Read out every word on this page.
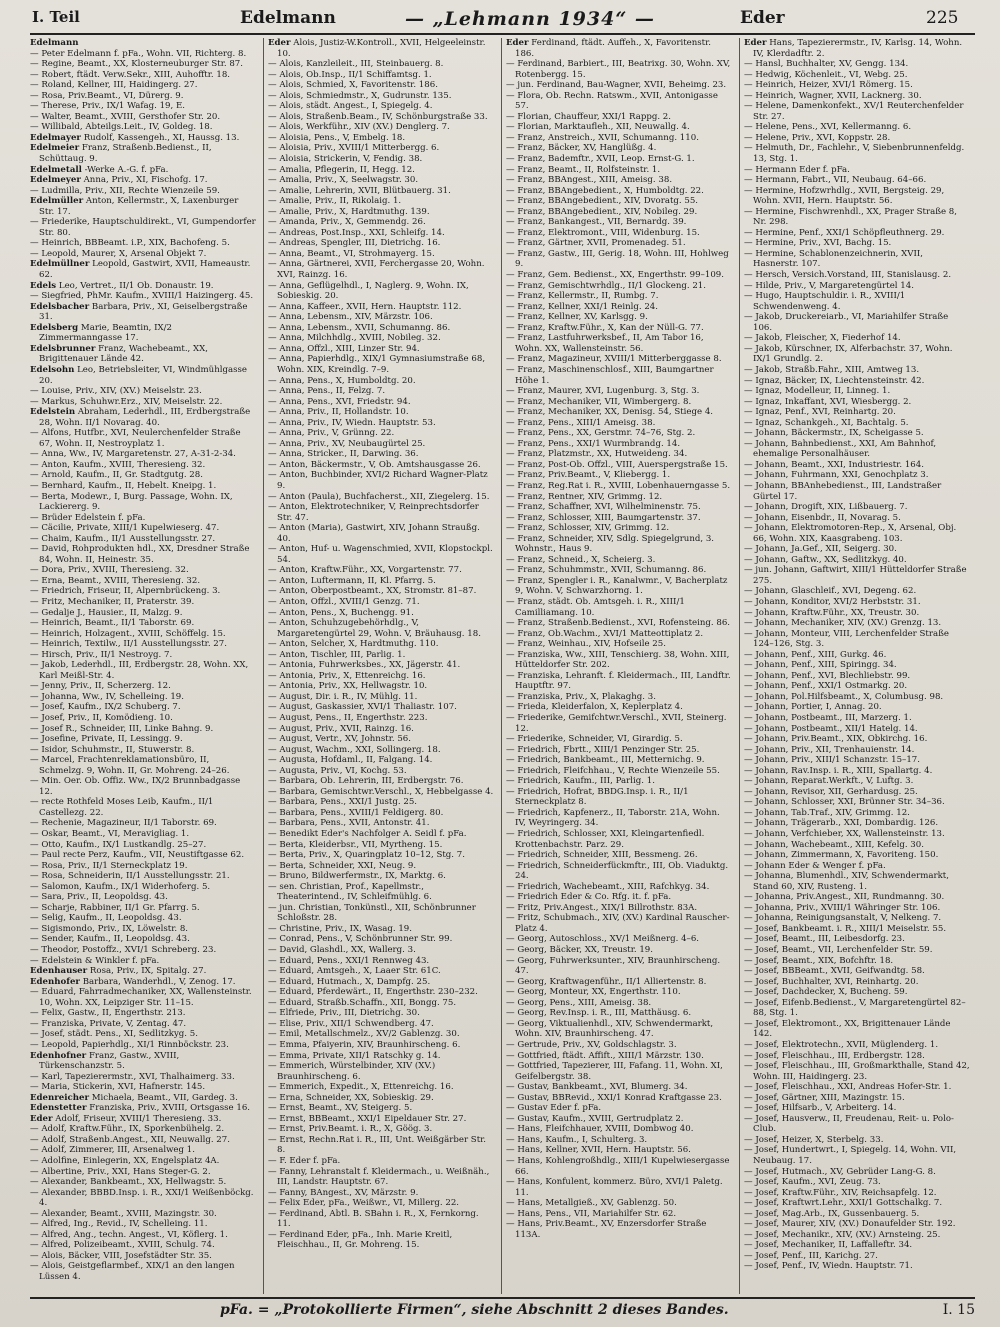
I. Teil	Edelmann	— „Lehmann 1934“ —	Eder	225
Edelmann
— Peter Edelmann f. pFa., Wohn. VII, Richterg. 8.
— Regine, Beamt., XX, Klosterneuburger Str. 87.
— Robert, ftädt. Verw.Sekr., XIII, Auhofftr. 18.
— Roland, Kellner, III, Haidingerg. 27.
— Rosa, Priv.Beamt., VI, Dürerg. 9.
— Therese, Priv., IX/1 Wafag. 19, E.
— Walter, Beamt., XVIII, Gersthofer Str. 20.
— Willibald, Abteilgs.Leit., IV, Goldeg. 18.
Edelmayer Rudolf, Kassengeh., XI, Haussg. 13.
Edelmeier Franz, Straßenb.Bedienst., II, Schüttaug. 9.
Edelmetall -Werke A.-G. f. pFa.
Edelmeyer Anna, Priv., XI, Fischofg. 17.
— Ludmilla, Priv., XII, Rechte Wienzeile 59.
Edelmüller Anton, Kellermstr., X, Laxenburger Str. 17.
— Friederike, Hauptschuldirekt., VI, Gumpendorfer Str. 80.
— Heinrich, BBBeamt. i.P., XIX, Bachofeng. 5.
— Leopold, Maurer, X, Arsenal Objekt 7.
Edelmüllner Leopold, Gastwirt, XVII, Hameaustr. 62.
Edels Leo, Vertret., II/1 Ob. Donaustr. 19.
— Siegfried, PhMr. Kaufm., XVIII/1 Haizingerg. 45.
Edelsbacher Barbara, Priv., XI, Geiselbergstraße 31.
Edelsberg Marie, Beamtin, IX/2 Zimmermanngasse 17.
Edelsbrunner Franz, Wachebeamt., XX, Brigittenauer Lände 42.
Edelsohn Leo, Betriebsleiter, VI, Windmühlgasse 20.
— Louise, Priv., XIV, (XV.) Meiselstr. 23.
— Markus, Schuhwr.Erz., XIV, Meiselstr. 22.
Edelstein Abraham, Lederhdl., III, Erdbergstraße 28, Wohn. II/1 Novarag. 40.
— Alfons, Hutfbr., XVI, Neulerchenfelder Straße 67, Wohn. II, Nestroyplatz 1.
— Anna, Ww., IV, Margaretenstr. 27, A-31-2-34.
— Anton, Kaufm., XVIII, Theresieng. 32.
— Arnold, Kaufm., II, Gr. Stadtgutg. 28.
— Bernhard, Kaufm., II, Hebelt. Kneipg. 1.
— Berta, Modewr., I, Burg. Passage, Wohn. IX, Lackiererg. 9.
— Brüder Edelstein f. pFa.
— Cäcilie, Private, XIII/1 Kupelwieserg. 47.
— Chaim, Kaufm., II/1 Ausstellungsstr. 27.
— David, Rohprodukten hdl., XX, Dresdner Straße 84, Wohn. II, Heinestr. 35.
— Dora, Priv., XVIII, Theresieng. 32.
— Erna, Beamt., XVIII, Theresieng. 32.
— Friedrich, Friseur, II, Alpernbrückeng. 3.
— Fritz, Mechaniker, II, Praterstr. 39.
— Gedalje J., Hausier., II, Malzg. 9.
— Heinrich, Beamt., II/1 Taborstr. 69.
— Heinrich, Holzagent., XVIII, Schöffelg. 15.
— Heinrich, Textilw., II/1 Ausstellungsstr. 27.
— Hirsch, Priv., II/1 Nestroyg. 7.
— Jakob, Lederhdl., III, Erdbergstr. 28, Wohn. XX, Karl Meißl-Str. 4.
— Jenny, Priv., II, Scherzerg. 12.
— Johanna, Ww., IV, Schelleing. 19.
— Josef, Kaufm., IX/2 Schuberg. 7.
— Josef, Priv., II, Komödieng. 10.
— Josef R., Schneider, III, Linke Bahng. 9.
— Josefine, Private, II, Lessingg. 9.
— Isidor, Schuhmstr., II, Stuwerstr. 8.
— Marcel, Frachtenreklamationsbüro, II, Schmelzg. 9, Wohn. II, Gr. Mohreng. 24–26.
— Min. Oer. Ob. Offiz. Ww., IX/2 Brunnbadgasse 12.
— recte Rothfeld Moses Leib, Kaufm., II/1 Castellezg. 22.
— Rechenie, Magazineur, II/1 Taborstr. 69.
— Oskar, Beamt., VI, Meravigliag. 1.
— Otto, Kaufm., IX/1 Lustkandlg. 25–27.
— Paul recte Perz, Kaufm., VII, Neustiftgasse 62.
— Rosa, Priv., II/1 Sterneckplatz 19.
— Rosa, Schneiderin, II/1 Ausstellungsstr. 21.
— Salomon, Kaufm., IX/1 Widerhoferg. 5.
— Sara, Priv., II, Leopoldsg. 43.
— Scharje, Rabbiner, II/1 Gr. Pfarrg. 5.
— Selig, Kaufm., II, Leopoldsg. 43.
— Sigismondo, Priv., IX, Löwelstr. 8.
— Sender, Kaufm., II, Leopoldsg. 43.
— Theodor, Postoffz., XVI/1 Schreberg. 23.
— Edelstein & Winkler f. pFa.
Edenhauser Rosa, Priv., IX, Spitalg. 27.
Edenhofer Barbara, Wanderhdl., V, Zenog. 17.
— Eduard, Fahrradmechaniker, XX, Wallensteinstr. 10, Wohn. XX, Leipziger Str. 11–15.
— Felix, Gastw., II, Engerthstr. 213.
— Franziska, Private, V, Zentag. 47.
— Josef, städt. Pens., XI, Sedlitzkyg. 5.
— Leopold, Papierhdlg., XI/1 Rinnböckstr. 23.
Edenhofner Franz, Gastw., XVIII, Türkenschanzstr. 5.
— Karl, Tapezierermstr., XVI, Thalhaimerg. 33.
— Maria, Stickerin, XVI, Hafnerstr. 145.
Edenreicher Michaela, Beamt., VII, Gardeg. 3.
Edenstetter Franziska, Priv., XVIII, Ortsgasse 16.
Eder Adolf, Friseur, XVIII/1 Theresieng. 33.
— Adolf, Kraftw.Führ., IX, Sporkenbühelg. 2.
— Adolf, Straßenb.Angest., XII, Neuwallg. 27.
— Adolf, Zimmerer, III, Arsenalweg 1.
— Adolfine, Einlegerin, XX, Engelsplatz 4A.
— Albertine, Priv., XXI, Hans Steger-G. 2.
— Alexander, Bankbeamt., XX, Hellwagstr. 5.
— Alexander, BBBD.Insp. i. R., XXI/1 Weißenböckg. 4.
— Alexander, Beamt., XVIII, Mazingstr. 30.
— Alfred, Ing., Revid., IV, Schelleing. 11.
— Alfred, Ang., techn. Angest., VI, Köflerg. 1.
— Alfred, Polizeibeamt., XVIII, Schulg. 74.
— Alois, Bäcker, VIII, Josefstädter Str. 35.
— Alois, Geistgeflarmbef., XIX/1 an den langen Lüssen 4.
Eder Alois, Justiz-W.Kontroll., XVII, Helgeeleinstr. 10.
— Alois, Kanzleileit., III, Steinbauerg. 8.
— Alois, Ob.Insp., II/1 Schiffamtsg. 1.
— Alois, Schmied, X, Favoritenstr. 186.
— Alois, Schmiedmstr., X, Gudrunstr. 135.
— Alois, städt. Angest., I, Spiegelg. 4.
— Alois, Straßenb.Beam., IV, Schönburgstraße 33.
— Alois, Werkführ., XIV (XV.) Denglerg. 7.
— Aloisia, Pens., V, Embelg. 18.
— Aloisia, Priv., XVIII/1 Mitterbergg. 6.
— Aloisia, Strickerin, V, Fendig. 38.
— Amalia, Pflegerin, II, Hegg. 12.
— Amalia, Priv., X, Seelwagstr. 30.
— Amalie, Lehrerin, XVII, Blütbauerg. 31.
— Amalie, Priv., II, Rikolaig. 1.
— Amalie, Priv., X, Hardtmuthg. 139.
— Amanda, Priv., X, Gemmendg. 26.
— Andreas, Post.Insp., XXI, Schleifg. 14.
— Andreas, Spengler, III, Dietrichg. 16.
— Anna, Beamt., VI, Strohmayerg. 15.
— Anna, Gärtnerei, XVII, Ferchergasse 20, Wohn. XVI, Rainzg. 16.
— Anna, Geflügelhdl., I, Naglerg. 9, Wohn. IX, Sobieskig. 20.
— Anna, Kaffeer., XVII, Hern. Hauptstr. 112.
— Anna, Lebensm., XIV, Märzstr. 106.
— Anna, Lebensm., XVII, Schumanng. 86.
— Anna, Milchhdlg., XVIII, Nobileg. 32.
— Anna, Offzl., XIII, Linzer Str. 94.
— Anna, Papierhdlg., XIX/1 Gymnasiumstraße 68, Wohn. XIX, Kreindlg. 7–9.
— Anna, Pens., X, Humboldtg. 20.
— Anna, Pens., II, Felzg. 7.
— Anna, Pens., XVI, Friedstr. 94.
— Anna, Priv., II, Hollandstr. 10.
— Anna, Priv., IV, Wiedn. Hauptstr. 53.
— Anna, Priv., V, Grünng. 22.
— Anna, Priv., XV, Neubaugürtel 25.
— Anna, Stricker., II, Darwing. 36.
— Anton, Bäckermstr., V, Ob. Amtshausgasse 26.
— Anton, Buchbinder, XVI/2 Richard Wagner-Platz 9.
— Anton (Paula), Buchfacherst., XII, Ziegelerg. 15.
— Anton, Elektrotechniker, V, Reinprechtsdorfer Str. 47.
— Anton (Maria), Gastwirt, XIV, Johann Straußg. 40.
— Anton, Huf- u. Wagenschmied, XVII, Klopstockpl. 54.
— Anton, Kraftw.Führ., XX, Vorgartenstr. 77.
— Anton, Luftermann, II, Kl. Pfarrg. 5.
— Anton, Oberpostbeamt., XX, Stromstr. 81–87.
— Anton, Offzl., XVIII/1 Genzg. 71.
— Anton, Pens., X, Buchengg. 91.
— Anton, Schuhzugebehörhdlg., V, Margaretengürtel 29, Wohn. V, Bräuhausg. 18.
— Anton, Selcher, X, Hardtmuthg. 110.
— Anton, Tischler, III, Parlig. 1.
— Antonia, Fuhrwerksbes., XX, Jägerstr. 41.
— Antonia, Priv., X, Ettenreichg. 16.
— Antonia, Priv., XX, Hellwagstr. 10.
— August, Dir. i. R., IV, Mühlg. 11.
— August, Gaskassier, XVI/1 Thaliastr. 107.
— August, Pens., II, Engerthstr. 223.
— August, Priv., XVII, Rainzg. 16.
— August, Vertr., XV, Johnstr. 56.
— August, Wachm., XXI, Sollingerg. 18.
— Augusta, Hofdaml., II, Falgang. 14.
— Augusta, Priv., VI, Kochg. 53.
— Barbara, Ob. Lehrerin, III, Erdbergstr. 76.
— Barbara, Gemischtwr.Verschl., X, Hebbelgasse 4.
— Barbara, Pens., XXI/1 Justg. 25.
— Barbara, Pens., XVIII/1 Feldigerg. 80.
— Barbara, Pens., XVII, Antonstr. 41.
— Benedikt Eder's Nachfolger A. Seidl f. pFa.
— Berta, Kleiderbsr., VII, Myrtheng. 15.
— Berta, Priv., X, Quaringplatz 10–12, Stg. 7.
— Berta, Schneider, XXI, Neug. 9.
— Bruno, Bildwerfermstr., IX, Marktg. 6.
— sen. Christian, Prof., Kapellmstr., Theaterintend., IV, Schleifmühlg. 6.
— jun. Christian, Tonkünstl., XII, Schönbrunner Schloßstr. 28.
— Christine, Priv., IX, Wasag. 19.
— Conrad, Pens., V, Schönbrunner Str. 99.
— David, Glashdl., XX, Wallerg. 3.
— Eduard, Pens., XXI/1 Rennweg 43.
— Eduard, Amtsgeh., X, Laaer Str. 61C.
— Eduard, Hutmach., X, Dampfg. 25.
— Eduard, Pferdewärt., II, Engerthstr. 230–232.
— Eduard, Straßb.Schaffn., XII, Bongg. 75.
— Elfriede, Priv., III, Dietrichg. 30.
— Elise, Priv., XII/1 Schwendberg. 47.
— Emil, Metallschmelz., XV/2 Gablenzg. 30.
— Emma, Pfaiyerin, XIV, Braunhirscheng. 6.
— Emma, Private, XII/1 Ratschky g. 14.
— Emmerich, Würstelbinder, XIV (XV.) Braunhirscheng. 6.
— Emmerich, Expedit., X, Ettenreichg. 16.
— Erna, Schneider, XX, Sobieskig. 29.
— Ernst, Beamt., XV, Steigerg. 5.
— Ernst, BBBeamt., XXI/1 Eipeldauer Str. 27.
— Ernst, Priv.Beamt. i. R., X, Göög. 3.
— Ernst, Rechn.Rat i. R., III, Unt. Weißgärber Str. 8.
— F. Eder f. pFa.
— Fanny, Lehranstalt f. Kleidermach., u. Weißnäh., III, Landstr. Hauptstr. 67.
— Fanny, BAngest., XV, Märzstr. 9.
— Felix Eder, pFa., Weißwr., VI, Millerg. 22.
— Ferdinand, Abtl. B. SBahn i. R., X, Fernkorng. 11.
— Ferdinand Eder, pFa., Inh. Marie Kreitl, Fleischhau., II, Gr. Mohreng. 15.
Eder Ferdinand, ftädt. Auffeh., X, Favoritenstr. 186.
— Ferdinand, Barbiert., III, Beatrixg. 30, Wohn. XV, Rotenbergg. 15.
— jun. Ferdinand, Bau-Wagner, XVII, Beheimg. 23.
— Flora, Ob. Rechn. Ratswm., XVII, Antonigasse 57.
— Florian, Chauffeur, XXI/1 Rappg. 2.
— Florian, Marktaufleh., XII, Neuwallg. 4.
— Franz, Anstreich., XVII, Schumanng. 110.
— Franz, Bäcker, XV, Hanglüßg. 4.
— Franz, Bademftr., XVII, Leop. Ernst-G. 1.
— Franz, Beamt., II, Rolfsteinstr. 1.
— Franz, BBAngest., XIII, Ameisg. 38.
— Franz, BBAngebedient., X, Humboldtg. 22.
— Franz, BBAngebedient., XIV, Dvoratg. 55.
— Franz, BBAngebedient., XIV, Nobileg. 29.
— Franz, Bankangest., VII, Bernardg. 39.
— Franz, Elektromont., VIII, Widenburg. 15.
— Franz, Gärtner, XVII, Promenadeg. 51.
— Franz, Gastw., III, Gerig. 18, Wohn. III, Hohlweg 9.
— Franz, Gem. Bedienst., XX, Engerthstr. 99–109.
— Franz, Gemischtwrhdlg., II/1 Glockeng. 21.
— Franz, Kellermstr., II, Rumbg. 7.
— Franz, Kellner, XXI/1 Reinlg. 24.
— Franz, Kellner, XV, Karlsgg. 9.
— Franz, Kraftw.Führ., X, Kan der Nüll-G. 77.
— Franz, Lastfuhrwerksbef., II, Am Tabor 16, Wohn. XX, Wallensteinstr. 56.
— Franz, Magazineur, XVIII/1 Mitterberggasse 8.
— Franz, Maschinenschlosf., XIII, Baumgartner Höhe 1.
— Franz, Maurer, XVI, Lugenburg. 3, Stg. 3.
— Franz, Mechaniker, VII, Wimbergerg. 8.
— Franz, Mechaniker, XX, Denisg. 54, Stiege 4.
— Franz, Pens., XIII/1 Ameisg. 38.
— Franz, Pens., XX, Gerstmr. 74–76, Stg. 2.
— Franz, Pens., XXI/1 Wurmbrandg. 14.
— Franz, Platzmstr., XX, Hutweideng. 34.
— Franz, Post-Ob. Offzl., VIII, Auerspergstraße 15.
— Franz, Priv.Beamt., V, Kliebergg. 1.
— Franz, Reg.Rat i. R., XVIII, Lobenhauerngasse 5.
— Franz, Rentner, XIV, Grimmg. 12.
— Franz, Schaffner, XVI, Wilhelminenstr. 75.
— Franz, Schlosser, XIII, Baumgartenstr. 37.
— Franz, Schlosser, XIV, Grimmg. 12.
— Franz, Schneider, XIV, Sdlg. Spiegelgrund, 3. Wohnstr., Haus 9.
— Franz, Schneid., X, Scheierg. 3.
— Franz, Schuhmmstr., XVII, Schumanng. 86.
— Franz, Spengler i. R., Kanalwmr., V, Bacherplatz 9, Wohn. V, Schwarzhorng. 1.
— Franz, städt. Ob. Amtsgeh. i. R., XIII/1 Camilliamang. 10.
— Franz, Straßenb.Bedienst., XVI, Rofensteing. 86.
— Franz, Ob.Wachm., XVI/1 Matteottiplatz 2.
— Franz, Weinhau., XIV, Hofseile 25.
— Franziska, Ww., XIII, Tenschierg. 38, Wohn. XIII, Hütteldorfer Str. 202.
— Franziska, Lehranft. f. Kleidermach., III, Landftr. Hauptftr. 97.
— Franziska, Priv., X, Plakaghg. 3.
— Frieda, Kleiderfalon, X, Keplerplatz 4.
— Friederike, Gemifchtwr.Verschl., XVII, Steinerg. 12.
— Friederike, Schneider, VI, Girardig. 5.
— Friedrich, Fbrtt., XIII/1 Penzinger Str. 25.
— Friedrich, Bankbeamt., III, Metternichg. 9.
— Friedrich, Fleifchhau., V, Rechte Wienzeile 55.
— Friedrich, Kaufm., III, Parlig. 1.
— Friedrich, Hofrat, BBDG.Insp. i. R., II/1 Sterneckplatz 8.
— Friedrich, Kapfenerz., II, Taborstr. 21A, Wohn. IV, Weyringerg. 34.
— Friedrich, Schlosser, XXI, Kleingartenfiedl. Krottenbachstr. Parz. 29.
— Friedrich, Schneider, XIII, Bessmeng. 26.
— Friedrich, Schneiderfückmftr., III, Ob. Viaduktg. 24.
— Friedrich, Wachebeamt., XIII, Rafchkyg. 34.
— Friedrich Eder & Co. Rfg. it. f. pFa.
— Fritz, Priv.Angest., XIX/1 Billrothstr. 83A.
— Fritz, Schubmach., XIV, (XV.) Kardinal Rauscher-Platz 4.
— Georg, Autoschloss., XV/1 Meißnerg. 4–6.
— Georg, Bäcker, XX, Treustr. 19.
— Georg, Fuhrwerksunter., XIV, Braunhirscheng. 47.
— Georg, Kraftwagenführ., II/1 Alliertenstr. 8.
— Georg, Monteur, XX, Engerthstr. 110.
— Georg, Pens., XIII, Ameisg. 38.
— Georg, Rev.Insp. i. R., III, Matthäusg. 6.
— Georg, Viktualienhdl., XIV, Schwendermarkt, Wohn. XIV, Braunhirscheng. 47.
— Gertrude, Priv., XV, Goldschlagstr. 3.
— Gottfried, ftädt. Affift., XIII/1 Märzstr. 130.
— Gottfried, Tapezierer, III, Fafang. 11, Wohn. XI, Geifelbergstr. 38.
— Gustav, Bankbeamt., XVI, Blumerg. 34.
— Gustav, BBRevid., XXI/1 Konrad Kraftgasse 23.
— Gustav Eder f. pFa.
— Gustav, Kaufm., XVIII, Gertrudplatz 2.
— Hans, Fleifchhauer, XVIII, Dombwog 40.
— Hans, Kaufm., I, Schulterg. 3.
— Hans, Kellner, XVII, Hern. Hauptstr. 56.
— Hans, Kohlengroßhdlg., XIII/1 Kupelwiesergasse 66.
— Hans, Konfulent, kommerz. Büro, XVI/1 Paletg. 11.
— Hans, Metallgieß., XV, Gablenzg. 50.
— Hans, Pens., VII, Mariahilfer Str. 62.
— Hans, Priv.Beamt., XV, Enzersdorfer Straße 113A.
Eder Hans, Tapezierermstr., IV, Karlsg. 14, Wohn. IV, Klerdadftr. 2.
— Hansl, Buchhalter, XV, Gengg. 134.
— Hedwig, Köchenleit., VI, Webg. 25.
— Heinrich, Heizer, XVI/1 Römerg. 15.
— Heinrich, Wagner, XVII, Lacknerg. 30.
— Helene, Damenkonfekt., XV/1 Reuterchenfelder Str. 27.
— Helene, Pens., XVI, Kellermanng. 6.
— Helene, Priv., XVI, Koppstr. 28.
— Helmuth, Dr., Fachlehr., V, Siebenbrunnenfeldg. 13, Stg. 1.
— Hermann Eder f. pFa.
— Hermann, Fabrt., VII, Neubaug. 64–66.
— Hermine, Hofzwrhdlg., XVII, Bergsteig. 29, Wohn. XVII, Hern. Hauptstr. 56.
— Hermine, Fischwrenhdl., XX, Prager Straße 8, Nr. 298.
— Hermine, Penf., XXI/1 Schöpfleuthnerg. 29.
— Hermine, Priv., XVI, Bachg. 15.
— Hermine, Schablonenzeichnerin, XVII, Hasnerstr. 107.
— Hersch, Versich.Vorstand, III, Stanislausg. 2.
— Hilde, Priv., V, Margaretengürtel 14.
— Hugo, Hauptschuldir. i. R., XVIII/1 Schwendenweng. 4.
— Jakob, Druckereiarb., VI, Mariahilfer Straße 106.
— Jakob, Fleischer, X, Fiederhof 14.
— Jakob, Kürschner, IX, Alferbachstr. 37, Wohn. IX/1 Grundlg. 2.
— Jakob, Straßb.Fahr., XIII, Amtweg 13.
— Ignaz, Bäcker, IX, Liechtensteinstr. 42.
— Ignaz, Modelleur, II, Linneg. 1.
— Ignaz, Inkaffant, XVI, Wiesbergg. 2.
— Ignaz, Penf., XVI, Reinhartg. 20.
— Ignaz, Schankgeh., XI, Bachtalg. 5.
— Johann, Bäckermstr., IX, Scheigasse 5.
— Johann, Bahnbedienst., XXI, Am Bahnhof, ehemalige Personalhäuser.
— Johann, Beamt., XXI, Industriestr. 164.
— Johann, Fuhrmann, XXI, Genochplatz 3.
— Johann, BBAnhebedienst., III, Landstraßer Gürtel 17.
— Johann, Drogift, XIX, Lißbauerg. 7.
— Johann, Eisenbdr., II, Novarag. 5.
— Johann, Elektromotoren-Rep., X, Arsenal, Obj. 66, Wohn. XIX, Kaasgrabeng. 103.
— Johann, Ja.Gef., XII, Seigerg. 30.
— Johann, Gaftw., XX, Sedlitzkyg. 40.
— jun. Johann, Gaftwirt, XIII/1 Hütteldorfer Straße 275.
— Johann, Glaschleif., XVI, Degeng. 62.
— Johann, Konditor, XVI/2 Herbststr. 31.
— Johann, Kraftw.Führ., XX, Treustr. 30.
— Johann, Mechaniker, XIV, (XV.) Grenzg. 13.
— Johann, Monteur, VIII, Lerchenfelder Straße 124–126, Stg. 3.
— Johann, Penf., XIII, Gurkg. 46.
— Johann, Penf., XIII, Spiringg. 34.
— Johann, Penf., XVI, Blechliebstr. 99.
— Johann, Penf., XXI/1 Ostmarkg. 20.
— Johann, Pol.Hilfsbeamt., X, Columbusg. 98.
— Johann, Portier, I, Annag. 20.
— Johann, Postbeamt., III, Marzerg. 1.
— Johann, Postbeamt., XII/1 Hatelg. 14.
— Johann, Priv.Beamt., XIX, Obkirchg. 16.
— Johann, Priv., XII, Trenhauienstr. 14.
— Johann, Priv., XIII/1 Schanzstr. 15–17.
— Johann, Rav.Insp. i. R., XIII, Spallartg. 4.
— Johann, Reparat.Werkft., V, Luftg. 3.
— Johann, Revisor, XII, Gerhardusg. 25.
— Johann, Schlosser, XXI, Brünner Str. 34–36.
— Johann, Tab.Traf., XIV, Grimmg. 12.
— Johann, Trägerarb., XXI, Dombardig. 126.
— Johann, Verfchieber, XX, Wallensteinstr. 13.
— Johann, Wachebeamt., XIII, Kefelg. 30.
— Johann, Zimmermann, X, Favoriteng. 150.
— Johann Eder & Wenger f. pFa.
— Johanna, Blumenhdl., XIV, Schwendermarkt, Stand 60, XIV, Rusteng. 1.
— Johanna, Priv.Angest., XII, Rundmanng. 30.
— Johanna, Priv., XVIII/1 Währinger Str. 106.
— Johanna, Reinigungsanstalt, V, Nelkeng. 7.
— Josef, Bankbeamt. i. R., XIII/1 Meiselstr. 55.
— Josef, Beamt., III, Leibesdorfg. 23.
— Josef, Beamt., VII, Lerchenfelder Str. 59.
— Josef, Beamt., XIX, Bofchftr. 18.
— Josef, BBBeamt., XVII, Geifwandtg. 58.
— Josef, Buchhalter, XVI, Reinhartg. 20.
— Josef, Dachdecker, X, Bucheng. 59.
— Josef, Eifenb.Bedienst., V, Margaretengürtel 82–88, Stg. 1.
— Josef, Elektromont., XX, Brigittenauer Lände 142.
— Josef, Elektrotechn., XVII, Müglenderg. 1.
— Josef, Fleischhau., III, Erdbergstr. 128.
— Josef, Fleischhau., III, Großmarkthalle, Stand 42, Wohn. III, Haidingerg. 23.
— Josef, Fleischhau., XXI, Andreas Hofer-Str. 1.
— Josef, Gärtner, XIII, Mazingstr. 15.
— Josef, Hilfsarb., V, Arbeiterg. 14.
— Josef, Hausverw., II, Freudenau, Reit- u. Polo-Club.
— Josef, Heizer, X, Sterbelg. 33.
— Josef, Hundertwrt., I, Spiegelg. 14, Wohn. VII, Neubaug. 17.
— Josef, Hutmach., XV, Gebrüder Lang-G. 8.
— Josef, Kaufm., XVI, Zeug. 73.
— Josef, Kraftw.Führ., XIV, Reichsapfelg. 12.
— Josef, Kraftwrt.Lehr., XXI/1 Gottschalkg. 7.
— Josef, Mag.Arb., IX, Gussenbauerg. 5.
— Josef, Maurer, XIV, (XV.) Donaufelder Str. 192.
— Josef, Mechanikr., XIV, (XV.) Arnsteing. 25.
— Josef, Mechaniker, II, Laffalleftr. 34.
— Josef, Penf., III, Karichg. 27.
— Josef, Penf., IV, Wiedn. Hauptstr. 71.
pFa. = „Protokollierte Firmen“, siehe Abschnitt 2 dieses Bandes.	I. 15
